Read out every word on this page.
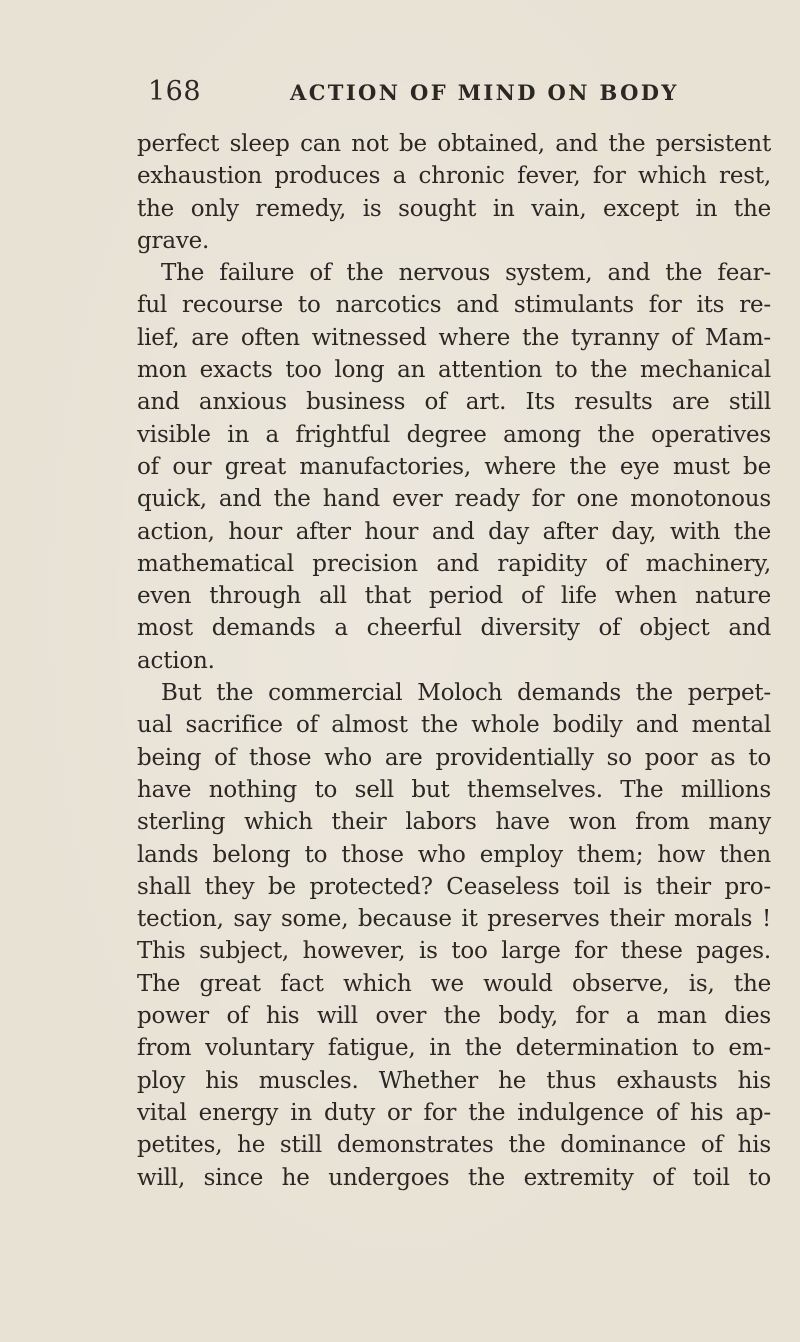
168	ACTION OF MIND ON BODY
perfect sleep can not be obtained, and the persistent
exhaustion produces a chronic fever, for which rest,
the only remedy, is sought in vain, except in the
grave.
The failure of the nervous system, and the fear-
ful recourse to narcotics and stimulants for its re-
lief, are often witnessed where the tyranny of Mam-
mon exacts too long an attention to the mechanical
and anxious business of art. Its results are still
visible in a frightful degree among the operatives
of our great manufactories, where the eye must be
quick, and the hand ever ready for one monotonous
action, hour after hour and day after day, with the
mathematical precision and rapidity of machinery,
even through all that period of life when nature
most demands a cheerful diversity of object and
action.
But the commercial Moloch demands the perpet-
ual sacrifice of almost the whole bodily and mental
being of those who are providentially so poor as to
have nothing to sell but themselves. The millions
sterling which their labors have won from many
lands belong to those who employ them; how then
shall they be protected? Ceaseless toil is their pro-
tection, say some, because it preserves their morals !
This subject, however, is too large for these pages.
The great fact which we would observe, is, the
power of his will over the body, for a man dies
from voluntary fatigue, in the determination to em-
ploy his muscles. Whether he thus exhausts his
vital energy in duty or for the indulgence of his ap-
petites, he still demonstrates the dominance of his
will, since he undergoes the extremity of toil to
